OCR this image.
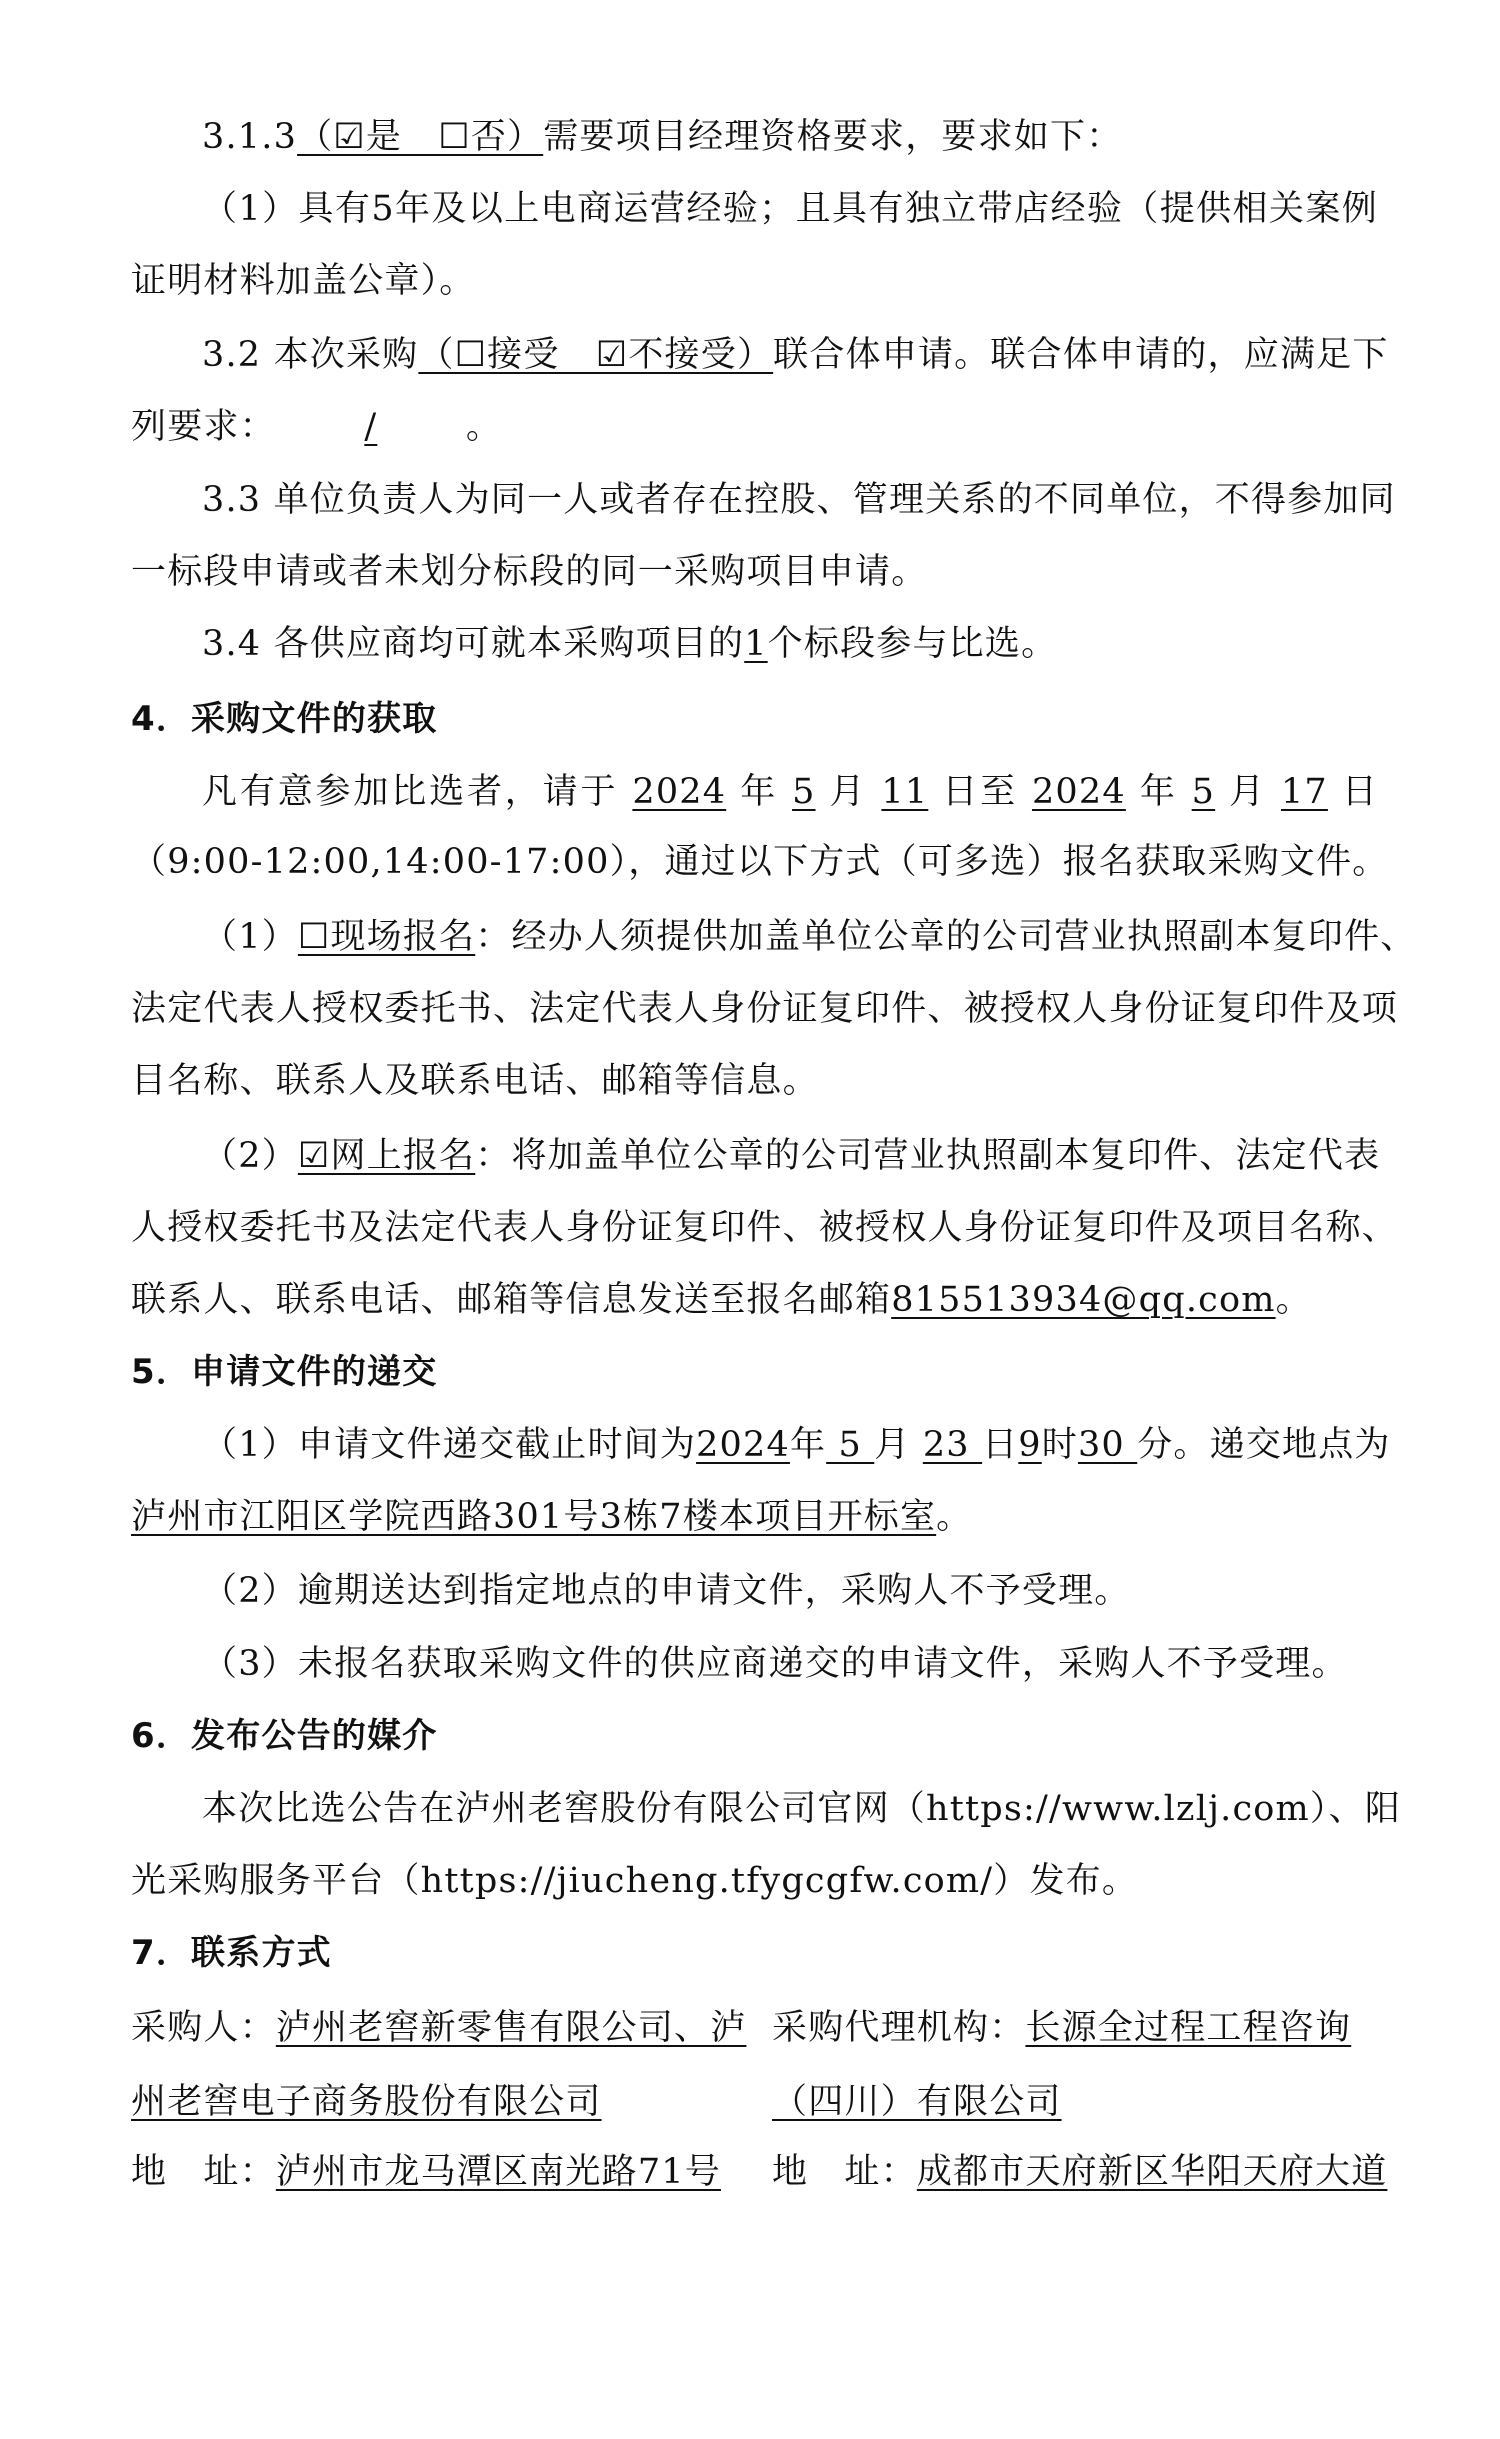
3.1.3（☑是　☐否）需要项目经理资格要求，要求如下：
（1）具有5年及以上电商运营经验；且具有独立带店经验（提供相关案例
证明材料加盖公章）。
3.2 本次采购（☐接受　☑不接受）联合体申请。联合体申请的，应满足下
列要求：	/	。
3.3 单位负责人为同一人或者存在控股、管理关系的不同单位，不得参加同
一标段申请或者未划分标段的同一采购项目申请。
3.4 各供应商均可就本采购项目的1个标段参与比选。
4．采购文件的获取
凡有意参加比选者，请于 2024 年 5 月 11 日至 2024 年 5 月 17 日
（9:00-12:00,14:00-17:00），通过以下方式（可多选）报名获取采购文件。
（1）☐现场报名：经办人须提供加盖单位公章的公司营业执照副本复印件、
法定代表人授权委托书、法定代表人身份证复印件、被授权人身份证复印件及项
目名称、联系人及联系电话、邮箱等信息。
（2）☑网上报名：将加盖单位公章的公司营业执照副本复印件、法定代表
人授权委托书及法定代表人身份证复印件、被授权人身份证复印件及项目名称、
联系人、联系电话、邮箱等信息发送至报名邮箱815513934@qq.com。
5．申请文件的递交
（1）申请文件递交截止时间为2024年 5 月 23 日9时30 分。递交地点为
泸州市江阳区学院西路301号3栋7楼本项目开标室。
（2）逾期送达到指定地点的申请文件，采购人不予受理。
（3）未报名获取采购文件的供应商递交的申请文件，采购人不予受理。
6．发布公告的媒介
本次比选公告在泸州老窖股份有限公司官网（https://www.lzlj.com）、阳
光采购服务平台（https://jiucheng.tfygcgfw.com/）发布。
7．联系方式
采购人：泸州老窖新零售有限公司、泸 采购代理机构：长源全过程工程咨询
州老窖电子商务股份有限公司	（四川）有限公司
地　址：泸州市龙马潭区南光路71号 地　址：成都市天府新区华阳天府大道
